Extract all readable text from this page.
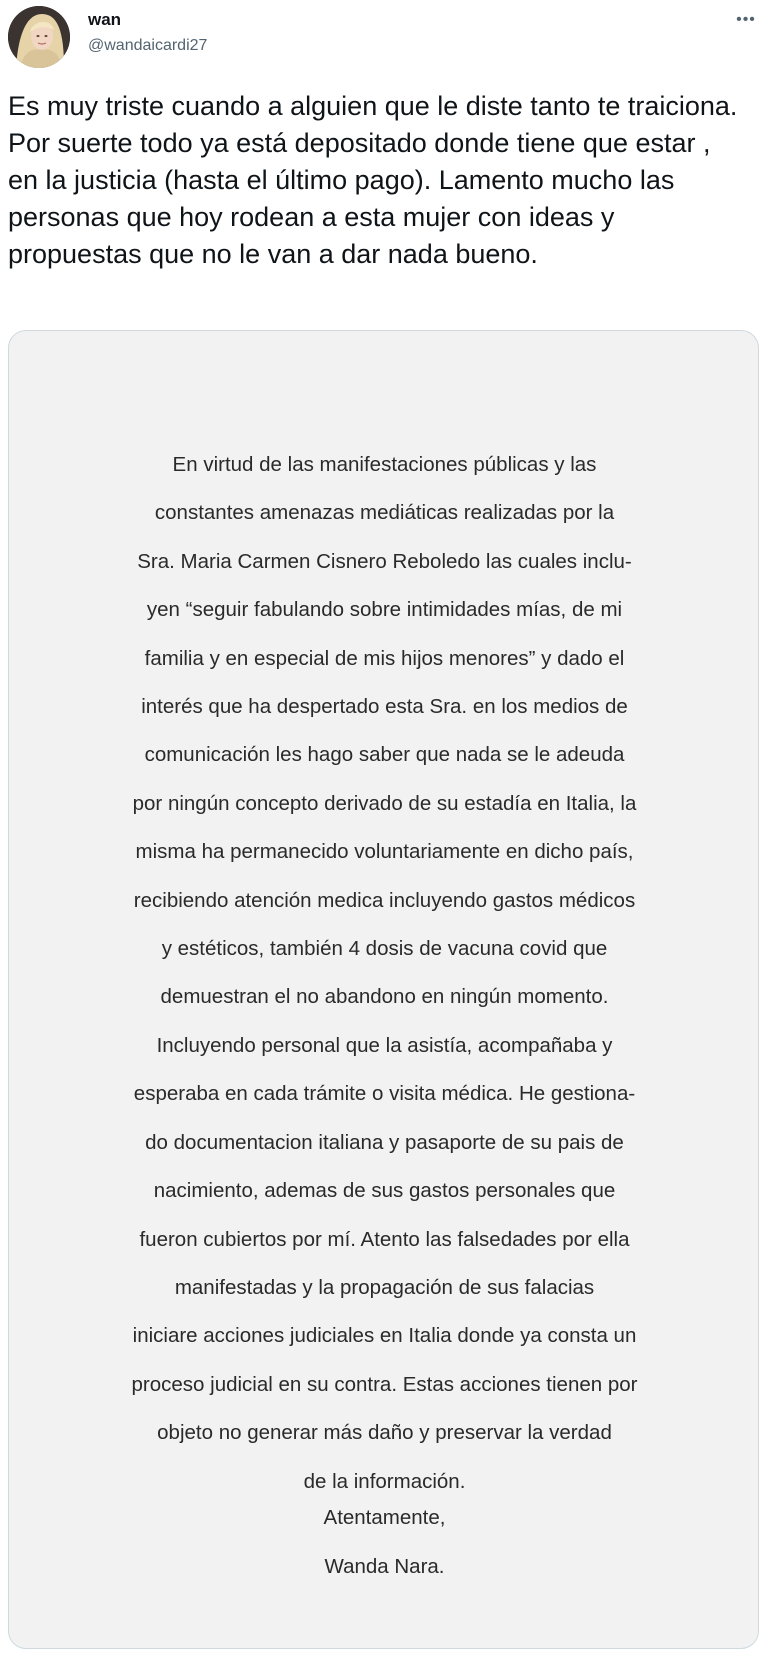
wan
@wandaicardi27
•••
Es muy triste cuando a alguien que le diste tanto te traiciona. Por suerte todo ya está depositado donde tiene que estar , en la justicia (hasta el último pago). Lamento mucho las personas que hoy rodean a esta mujer con ideas y propuestas que no le van a dar nada bueno.
En virtud de las manifestaciones públicas y las
constantes amenazas mediáticas realizadas por la
Sra. Maria Carmen Cisnero Reboledo las cuales inclu-
yen “seguir fabulando sobre intimidades mías, de mi
familia y en especial de mis hijos menores” y dado el
interés que ha despertado esta Sra. en los medios de
comunicación les hago saber que nada se le adeuda
por ningún concepto derivado de su estadía en Italia, la
misma ha permanecido voluntariamente en dicho país,
recibiendo atención medica incluyendo gastos médicos
y estéticos, también 4 dosis de vacuna covid que
demuestran el no abandono en ningún momento.
Incluyendo personal que la asistía, acompañaba y
esperaba en cada trámite o visita médica. He gestiona-
do documentacion italiana y pasaporte de su pais de
nacimiento, ademas de sus gastos personales que
fueron cubiertos por mí. Atento las falsedades por ella
manifestadas y la propagación de sus falacias
iniciare acciones judiciales en Italia donde ya consta un
proceso judicial en su contra. Estas acciones tienen por
objeto no generar más daño y preservar la verdad
de la información.
Atentamente,
Wanda Nara.
